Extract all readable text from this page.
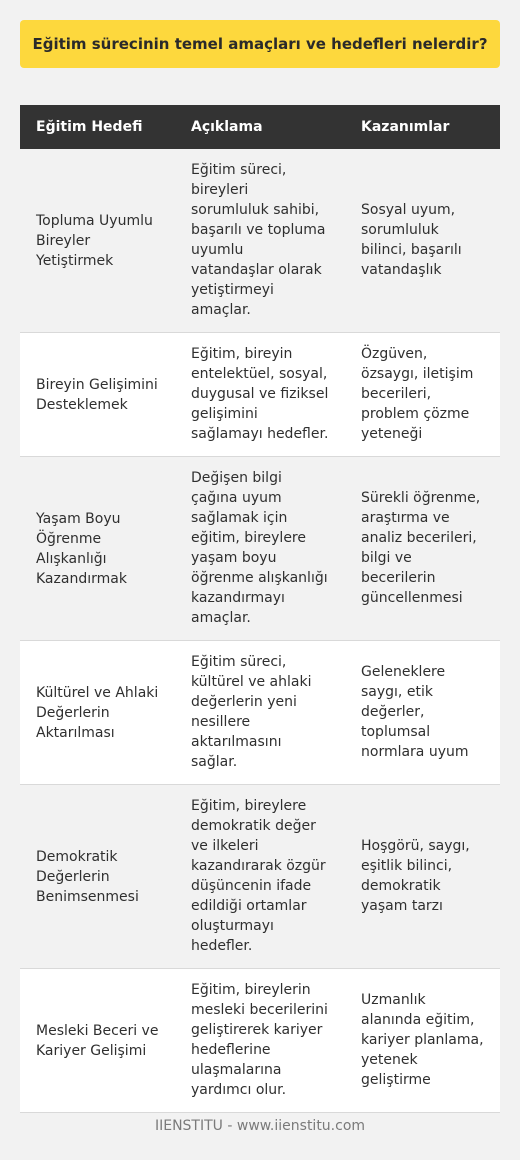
Eğitim sürecinin temel amaçları ve hedefleri nelerdir?
Eğitim Hedefi	Açıklama	Kazanımlar
Topluma Uyumlu Bireyler Yetiştirmek	Eğitim süreci, bireyleri sorumluluk sahibi, başarılı ve topluma uyumlu vatandaşlar olarak yetiştirmeyi amaçlar.	Sosyal uyum, sorumluluk bilinci, başarılı vatandaşlık
Bireyin Gelişimini Desteklemek	Eğitim, bireyin entelektüel, sosyal, duygusal ve fiziksel gelişimini sağlamayı hedefler.	Özgüven, özsaygı, iletişim becerileri, problem çözme yeteneği
Yaşam Boyu Öğrenme Alışkanlığı Kazandırmak	Değişen bilgi çağına uyum sağlamak için eğitim, bireylere yaşam boyu öğrenme alışkanlığı kazandırmayı amaçlar.	Sürekli öğrenme, araştırma ve analiz becerileri, bilgi ve becerilerin güncellenmesi
Kültürel ve Ahlaki Değerlerin Aktarılması	Eğitim süreci, kültürel ve ahlaki değerlerin yeni nesillere aktarılmasını sağlar.	Geleneklere saygı, etik değerler, toplumsal normlara uyum
Demokratik Değerlerin Benimsenmesi	Eğitim, bireylere demokratik değer ve ilkeleri kazandırarak özgür düşüncenin ifade edildiği ortamlar oluşturmayı hedefler.	Hoşgörü, saygı, eşitlik bilinci, demokratik yaşam tarzı
Mesleki Beceri ve Kariyer Gelişimi	Eğitim, bireylerin mesleki becerilerini geliştirerek kariyer hedeflerine ulaşmalarına yardımcı olur.	Uzmanlık alanında eğitim, kariyer planlama, yetenek geliştirme
IIENSTITU - www.iienstitu.com
